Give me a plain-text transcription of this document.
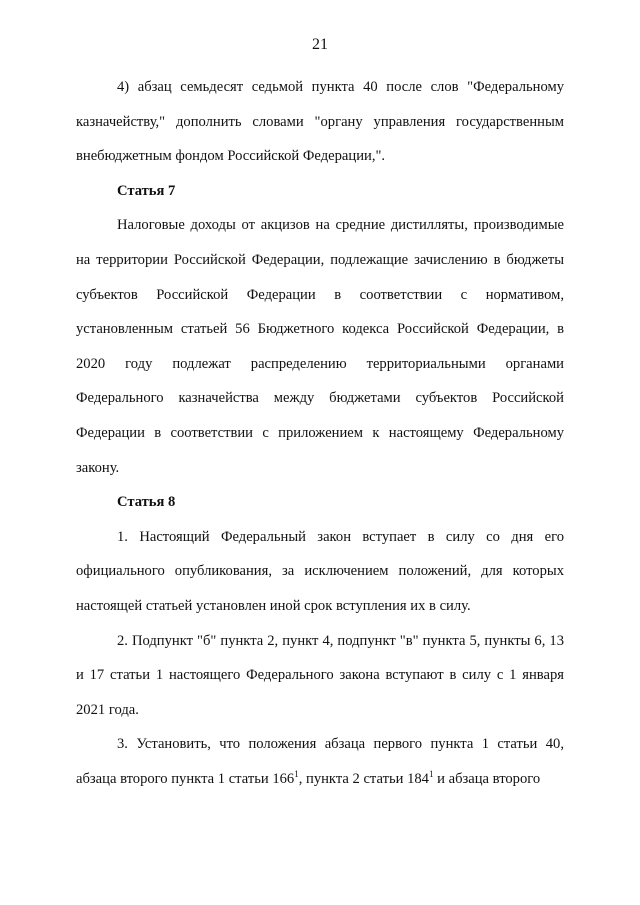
21

4) абзац семьдесят седьмой пункта 40 после слов "Федеральному казначейству," дополнить словами "органу управления государственным внебюджетным фондом Российской Федерации,".

Статья 7

Налоговые доходы от акцизов на средние дистилляты, производимые на территории Российской Федерации, подлежащие зачислению в бюджеты субъектов Российской Федерации в соответствии с нормативом, установленным статьей 56 Бюджетного кодекса Российской Федерации, в 2020 году подлежат распределению территориальными органами Федерального казначейства между бюджетами субъектов Российской Федерации в соответствии с приложением к настоящему Федеральному закону.

Статья 8

1. Настоящий Федеральный закон вступает в силу со дня его официального опубликования, за исключением положений, для которых настоящей статьей установлен иной срок вступления их в силу.

2. Подпункт "б" пункта 2, пункт 4, подпункт "в" пункта 5, пункты 6, 13 и 17 статьи 1 настоящего Федерального закона вступают в силу с 1 января 2021 года.

3. Установить, что положения абзаца первого пункта 1 статьи 40, абзаца второго пункта 1 статьи $166^1$, пункта 2 статьи $184^1$ и абзаца второго
